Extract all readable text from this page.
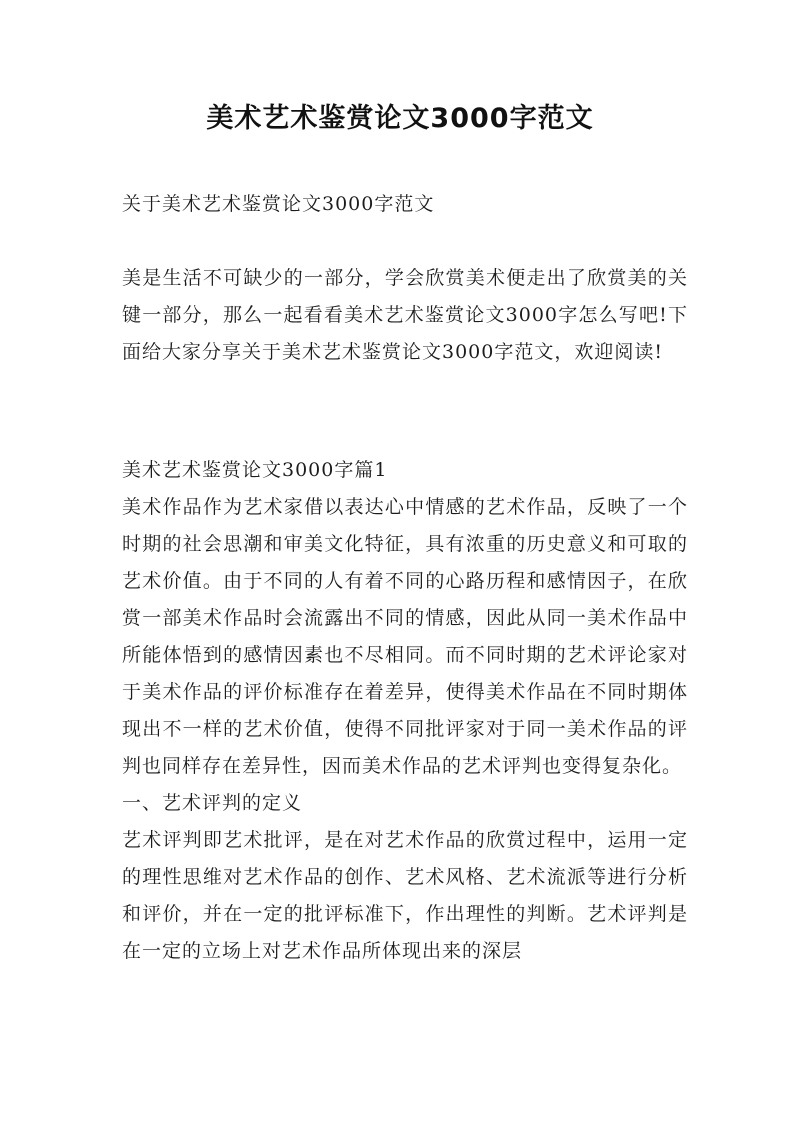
美术艺术鉴赏论文3000字范文
关于美术艺术鉴赏论文3000字范文
美是生活不可缺少的一部分，学会欣赏美术便走出了欣赏美的关键一部分，那么一起看看美术艺术鉴赏论文3000字怎么写吧!下面给大家分享关于美术艺术鉴赏论文3000字范文，欢迎阅读!

美术艺术鉴赏论文3000字篇1

美术作品作为艺术家借以表达心中情感的艺术作品，反映了一个时期的社会思潮和审美文化特征，具有浓重的历史意义和可取的艺术价值。由于不同的人有着不同的心路历程和感情因子，在欣赏一部美术作品时会流露出不同的情感，因此从同一美术作品中所能体悟到的感情因素也不尽相同。而不同时期的艺术评论家对于美术作品的评价标准存在着差异，使得美术作品在不同时期体现出不一样的艺术价值，使得不同批评家对于同一美术作品的评判也同样存在差异性，因而美术作品的艺术评判也变得复杂化。

一、艺术评判的定义

艺术评判即艺术批评，是在对艺术作品的欣赏过程中，运用一定的理性思维对艺术作品的创作、艺术风格、艺术流派等进行分析和评价，并在一定的批评标准下，作出理性的判断。艺术评判是在一定的立场上对艺术作品所体现出来的深层
